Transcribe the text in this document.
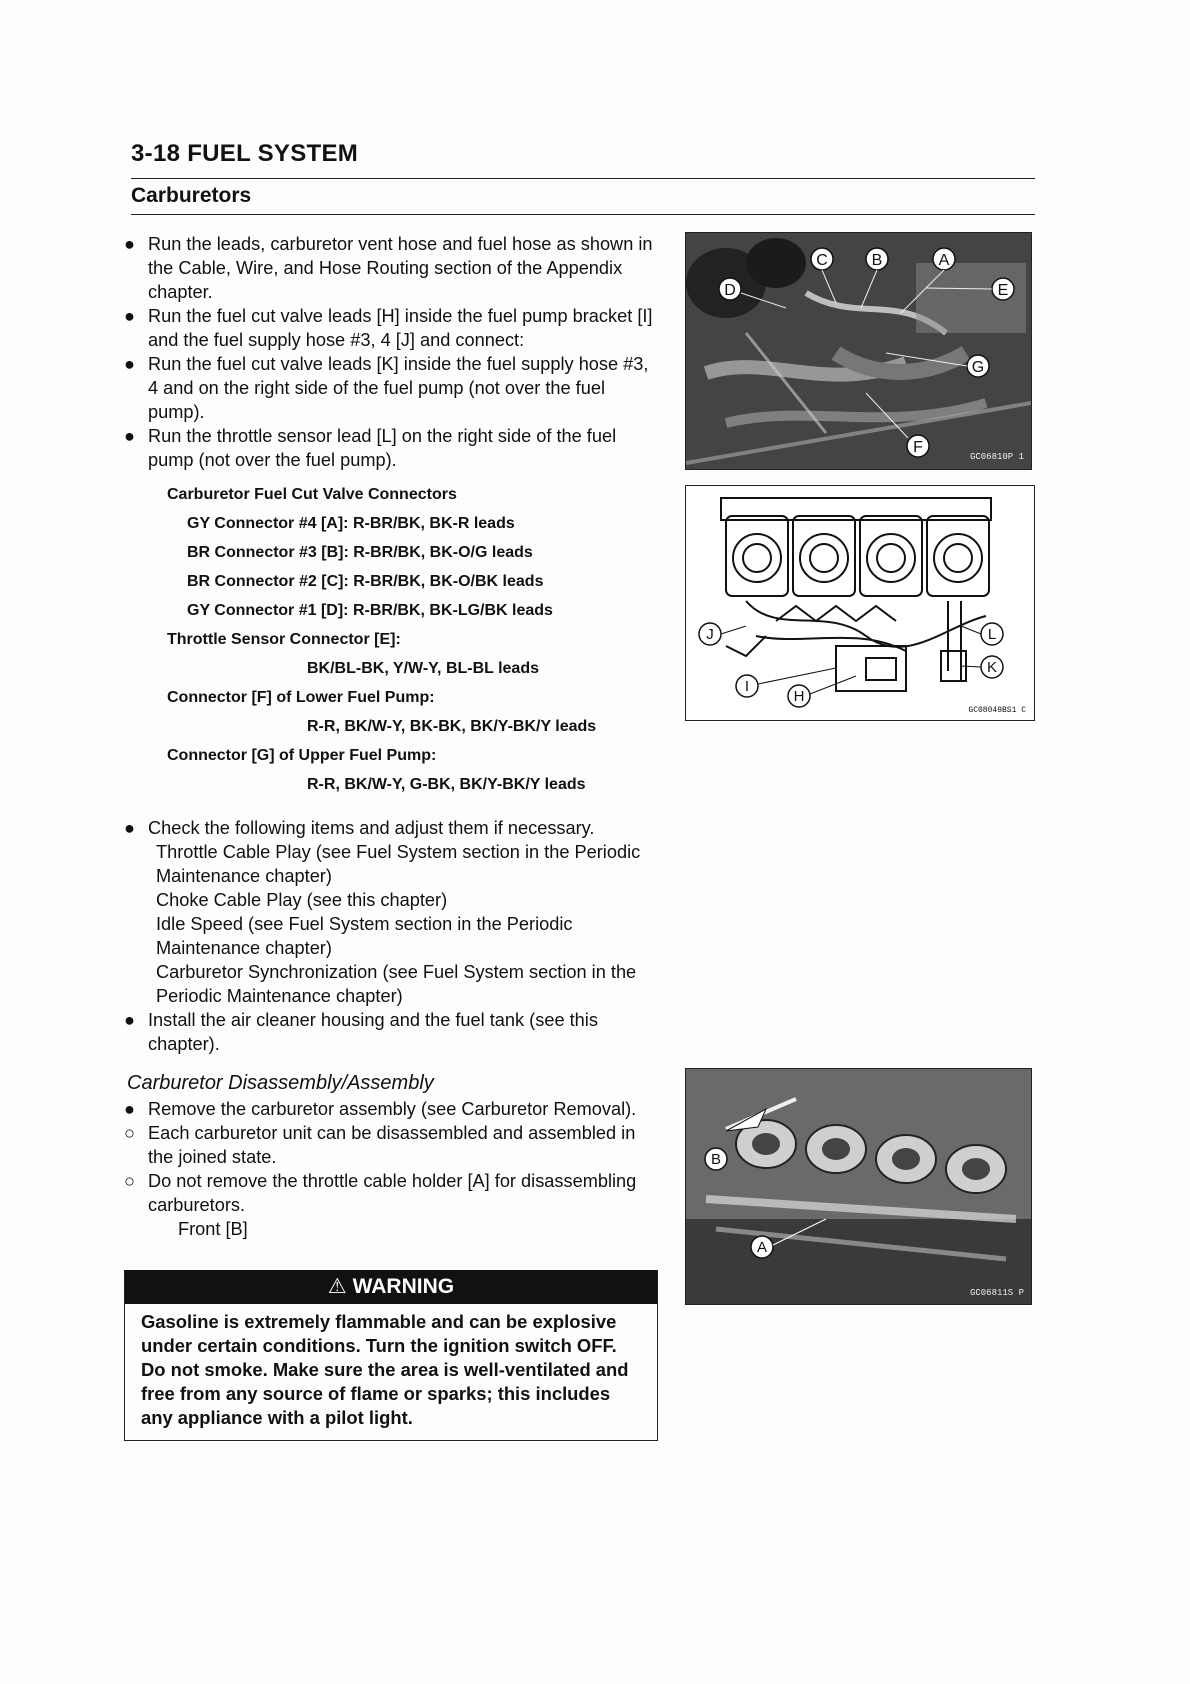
3-18 FUEL SYSTEM
Carburetors
● Run the leads, carburetor vent hose and fuel hose as shown in the Cable, Wire, and Hose Routing section of the Appendix chapter.
● Run the fuel cut valve leads [H] inside the fuel pump bracket [I] and the fuel supply hose #3, 4 [J] and connect:
● Run the fuel cut valve leads [K] inside the fuel supply hose #3, 4 and on the right side of the fuel pump (not over the fuel pump).
● Run the throttle sensor lead [L] on the right side of the fuel pump (not over the fuel pump).
Carburetor Fuel Cut Valve Connectors
GY Connector #4 [A]: R-BR/BK, BK-R leads
BR Connector #3 [B]: R-BR/BK, BK-O/G leads
BR Connector #2 [C]: R-BR/BK, BK-O/BK leads
GY Connector #1 [D]: R-BR/BK, BK-LG/BK leads
Throttle Sensor Connector [E]:
BK/BL-BK, Y/W-Y, BL-BL leads
Connector [F] of Lower Fuel Pump:
R-R, BK/W-Y, BK-BK, BK/Y-BK/Y leads
Connector [G] of Upper Fuel Pump:
R-R, BK/W-Y, G-BK, BK/Y-BK/Y leads
● Check the following items and adjust them if necessary.
Throttle Cable Play (see Fuel System section in the Periodic Maintenance chapter)
Choke Cable Play (see this chapter)
Idle Speed (see Fuel System section in the Periodic Maintenance chapter)
Carburetor Synchronization (see Fuel System section in the Periodic Maintenance chapter)
● Install the air cleaner housing and the fuel tank (see this chapter).
Carburetor Disassembly/Assembly
● Remove the carburetor assembly (see Carburetor Removal).
○ Each carburetor unit can be disassembled and assembled in the joined state.
○ Do not remove the throttle cable holder [A] for disassembling carburetors.
Front [B]
⚠ WARNING
Gasoline is extremely flammable and can be explosive under certain conditions. Turn the ignition switch OFF. Do not smoke. Make sure the area is well-ventilated and free from any source of flame or sparks; this includes any appliance with a pilot light.
C	B	A
D	E
G
F
GC06810P 1
J	L
I
H
K
GC08049BS1 C
B
A
GC06811S P
